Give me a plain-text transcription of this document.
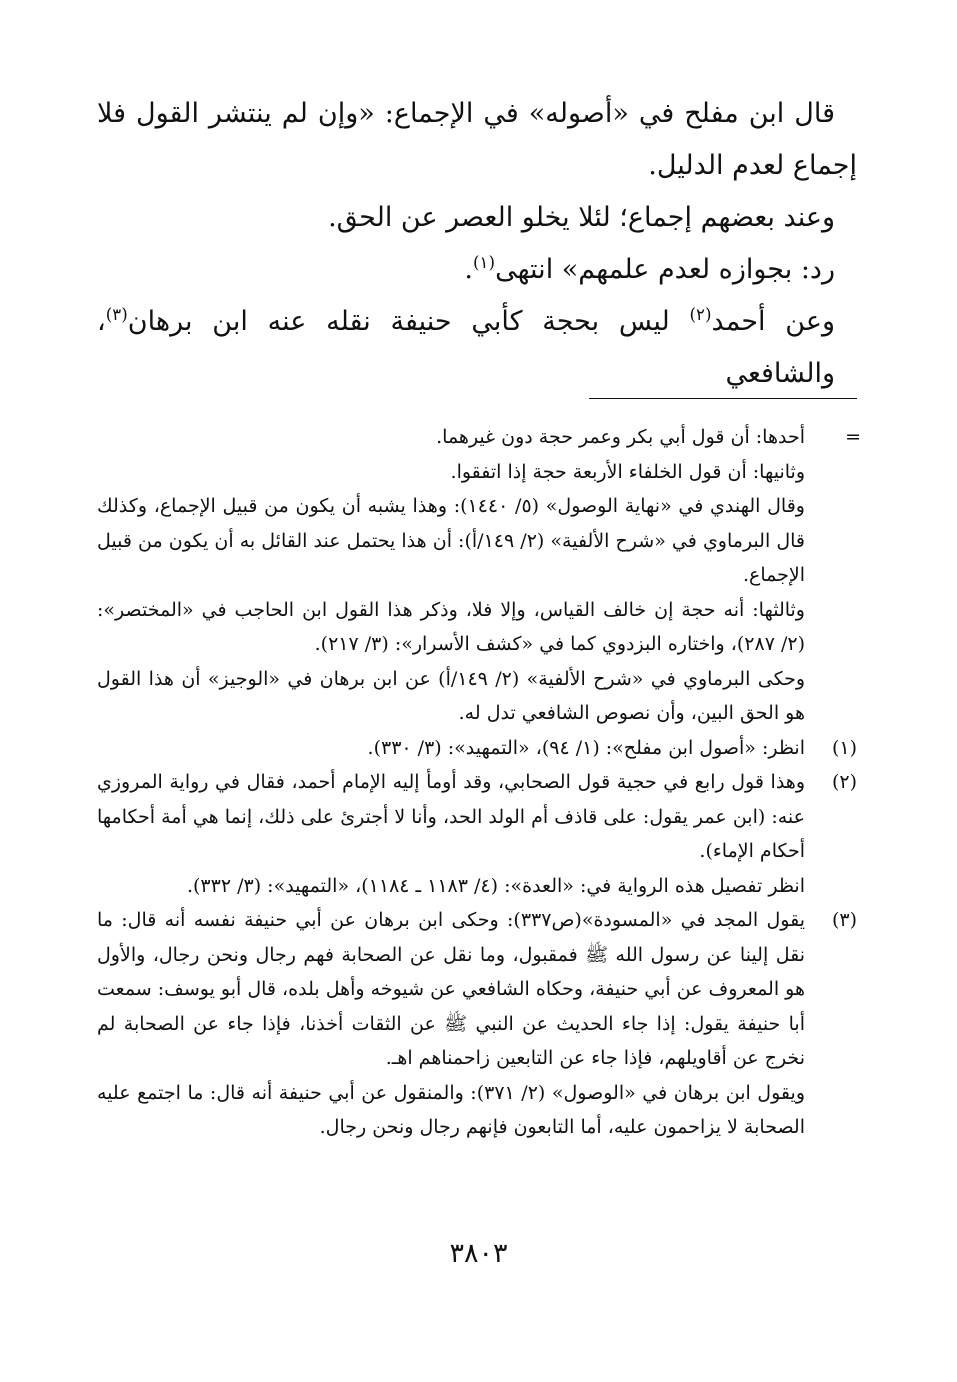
قال ابن مفلح في «أصوله» في الإجماع: «وإن لم ينتشر القول فلا إجماع لعدم الدليل.

وعند بعضهم إجماع؛ لئلا يخلو العصر عن الحق.

رد: بجوازه لعدم علمهم» انتهى$^{(١)}$.

وعن أحمد$^{(٢)}$ ليس بحجة كأبي حنيفة نقله عنه ابن برهان$^{(٣)}$، والشافعي

=

أحدها: أن قول أبي بكر وعمر حجة دون غيرهما.

وثانيها: أن قول الخلفاء الأربعة حجة إذا اتفقوا.

وقال الهندي في «نهاية الوصول» (٥/ ١٤٤٠): وهذا يشبه أن يكون من قبيل الإجماع، وكذلك قال البرماوي في «شرح الألفية» (٢/ ١٤٩/أ): أن هذا يحتمل عند القائل به أن يكون من قبيل الإجماع.

وثالثها: أنه حجة إن خالف القياس، وإلا فلا، وذكر هذا القول ابن الحاجب في «المختصر»: (٢/ ٢٨٧)، واختاره البزدوي كما في «كشف الأسرار»: (٣/ ٢١٧).

وحكى البرماوي في «شرح الألفية» (٢/ ١٤٩/أ) عن ابن برهان في «الوجيز» أن هذا القول هو الحق البين، وأن نصوص الشافعي تدل له.

(١)

انظر: «أصول ابن مفلح»: (١/ ٩٤)، «التمهيد»: (٣/ ٣٣٠).

(٢)

وهذا قول رابع في حجية قول الصحابي، وقد أومأ إليه الإمام أحمد، فقال في رواية المروزي عنه: (ابن عمر يقول: على قاذف أم الولد الحد، وأنا لا أجترئ على ذلك، إنما هي أمة أحكامها أحكام الإماء).

انظر تفصيل هذه الرواية في: «العدة»: (٤/ ١١٨٣ ـ ١١٨٤)، «التمهيد»: (٣/ ٣٣٢).

(٣)

يقول المجد في «المسودة»(ص٣٣٧): وحكى ابن برهان عن أبي حنيفة نفسه أنه قال: ما نقل إلينا عن رسول الله ﷺ فمقبول، وما نقل عن الصحابة فهم رجال ونحن رجال، والأول هو المعروف عن أبي حنيفة، وحكاه الشافعي عن شيوخه وأهل بلده، قال أبو يوسف: سمعت أبا حنيفة يقول: إذا جاء الحديث عن النبي ﷺ عن الثقات أخذنا، فإذا جاء عن الصحابة لم نخرج عن أقاويلهم، فإذا جاء عن التابعين زاحمناهم اهـ.

ويقول ابن برهان في «الوصول» (٢/ ٣٧١): والمنقول عن أبي حنيفة أنه قال: ما اجتمع عليه الصحابة لا يزاحمون عليه، أما التابعون فإنهم رجال ونحن رجال.

٣٨٠٣
